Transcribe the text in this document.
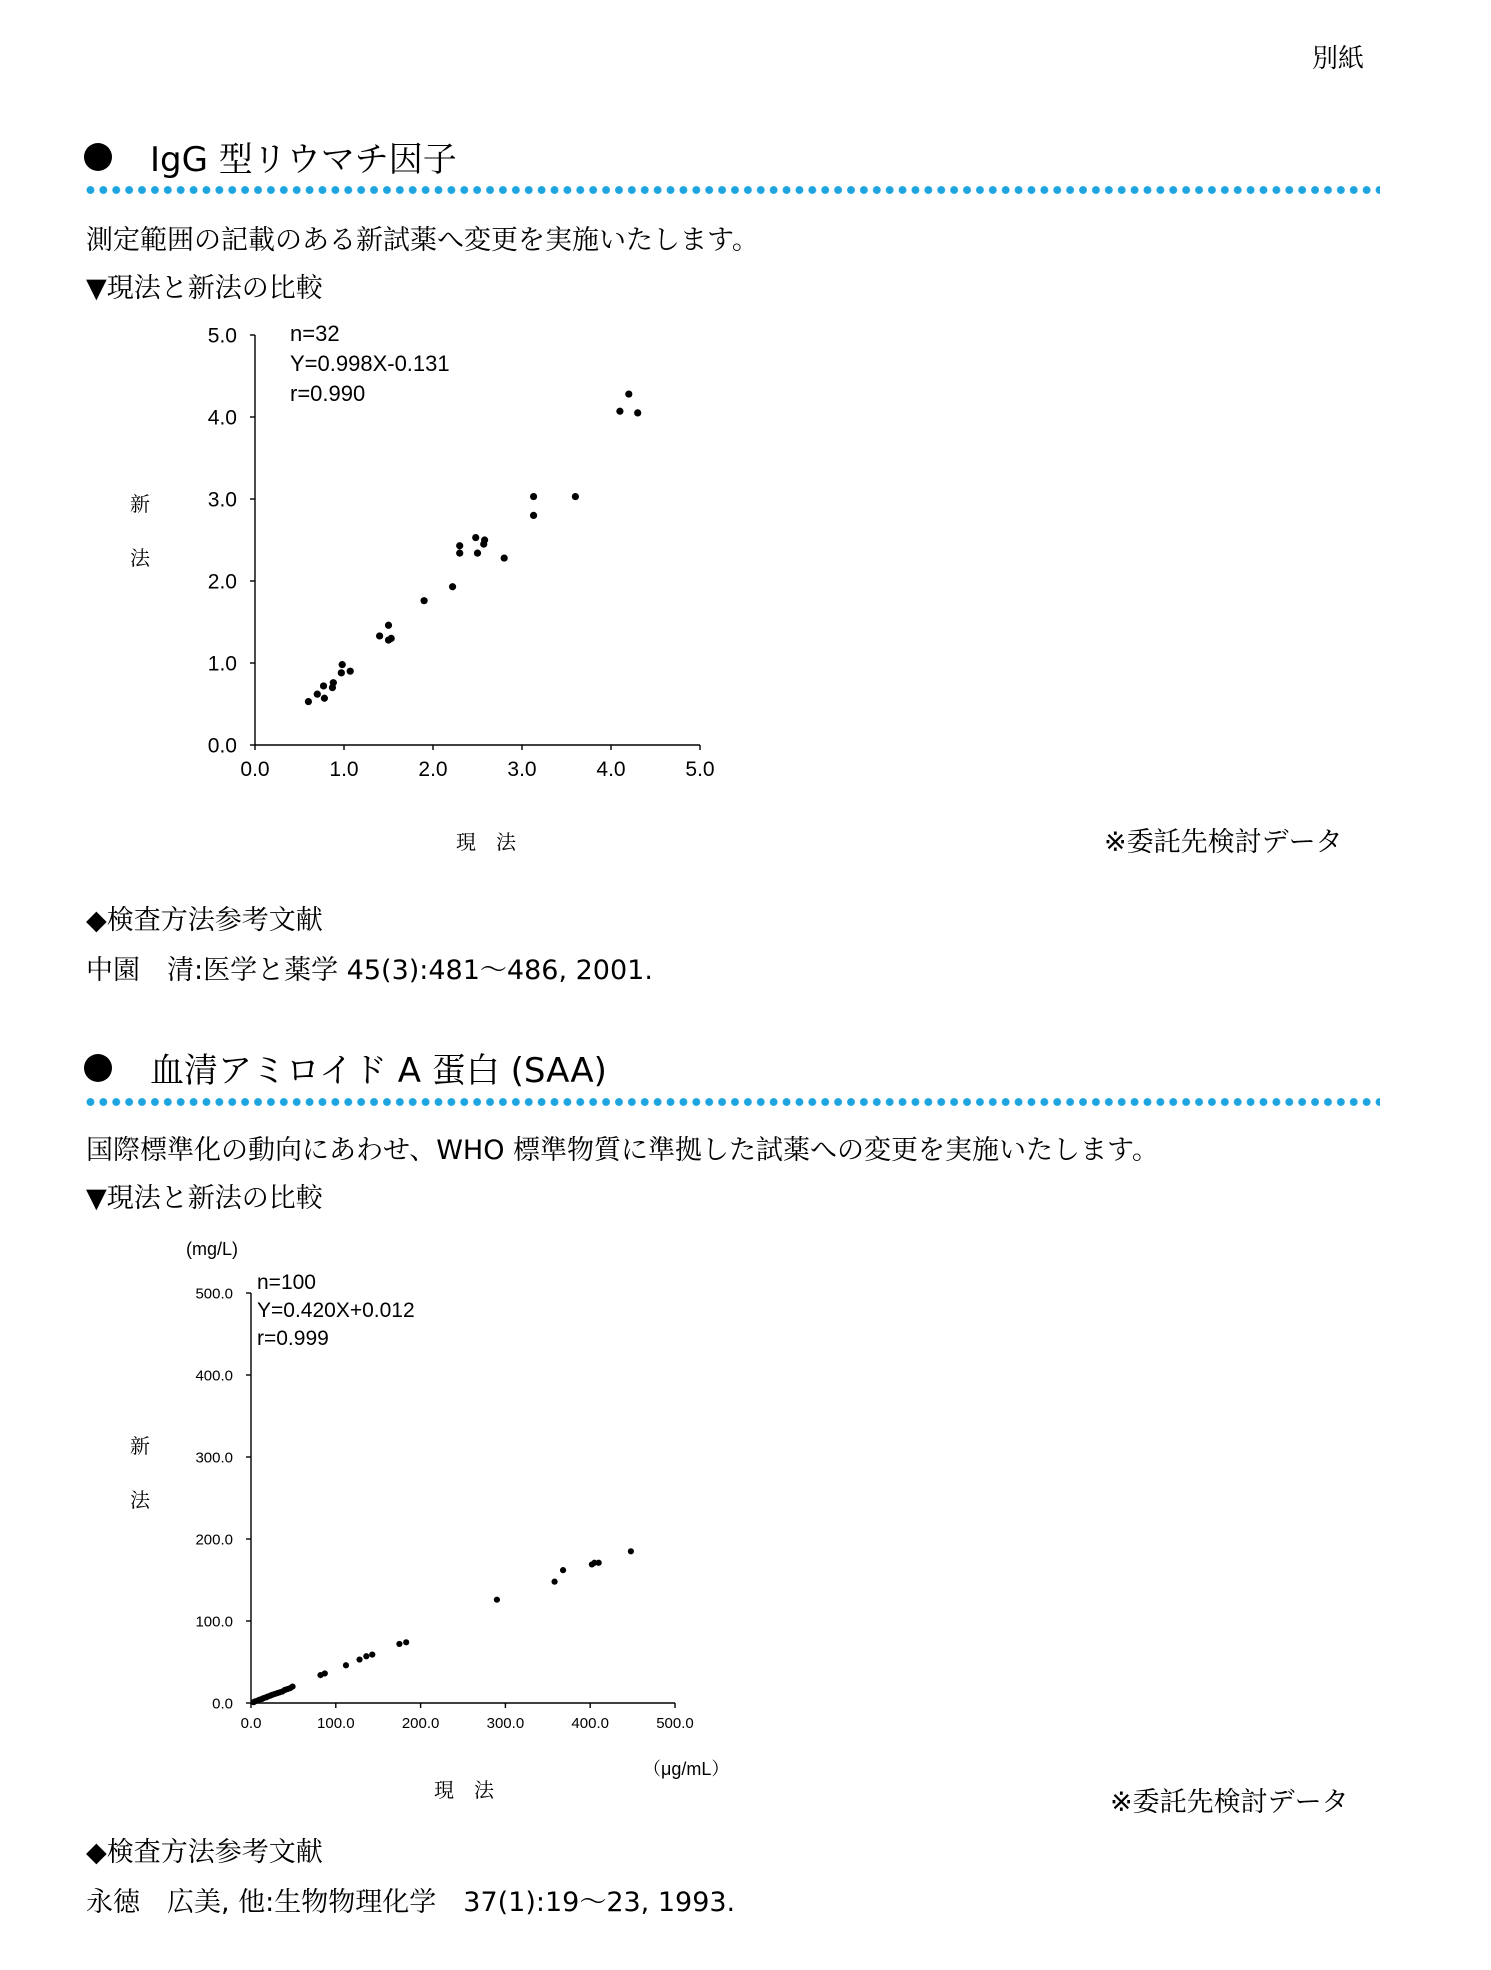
別紙
IgG 型リウマチ因子
測定範囲の記載のある新試薬へ変更を実施いたします。
▼現法と新法の比較
0.0
1.0
2.0
3.0
4.0
5.0
0.0	1.0	2.0	3.0	4.0	5.0
n=32
Y=0.998X-0.131
r=0.990
新
法
現　法	※委託先検討データ
◆検査方法参考文献
中園　清:医学と薬学 45(3):481～486, 2001.
血清アミロイド A 蛋白 (SAA)
国際標準化の動向にあわせ、WHO 標準物質に準拠した試薬への変更を実施いたします。
▼現法と新法の比較
0.0
100.0
200.0
300.0
400.0
500.0
0.0	100.0	200.0	300.0	400.0	500.0
n=100
Y=0.420X+0.012
r=0.999
(mg/L)
（μg/mL）
新
法
現　法	※委託先検討データ
◆検査方法参考文献
永徳　広美, 他:生物物理化学　37(1):19～23, 1993.
